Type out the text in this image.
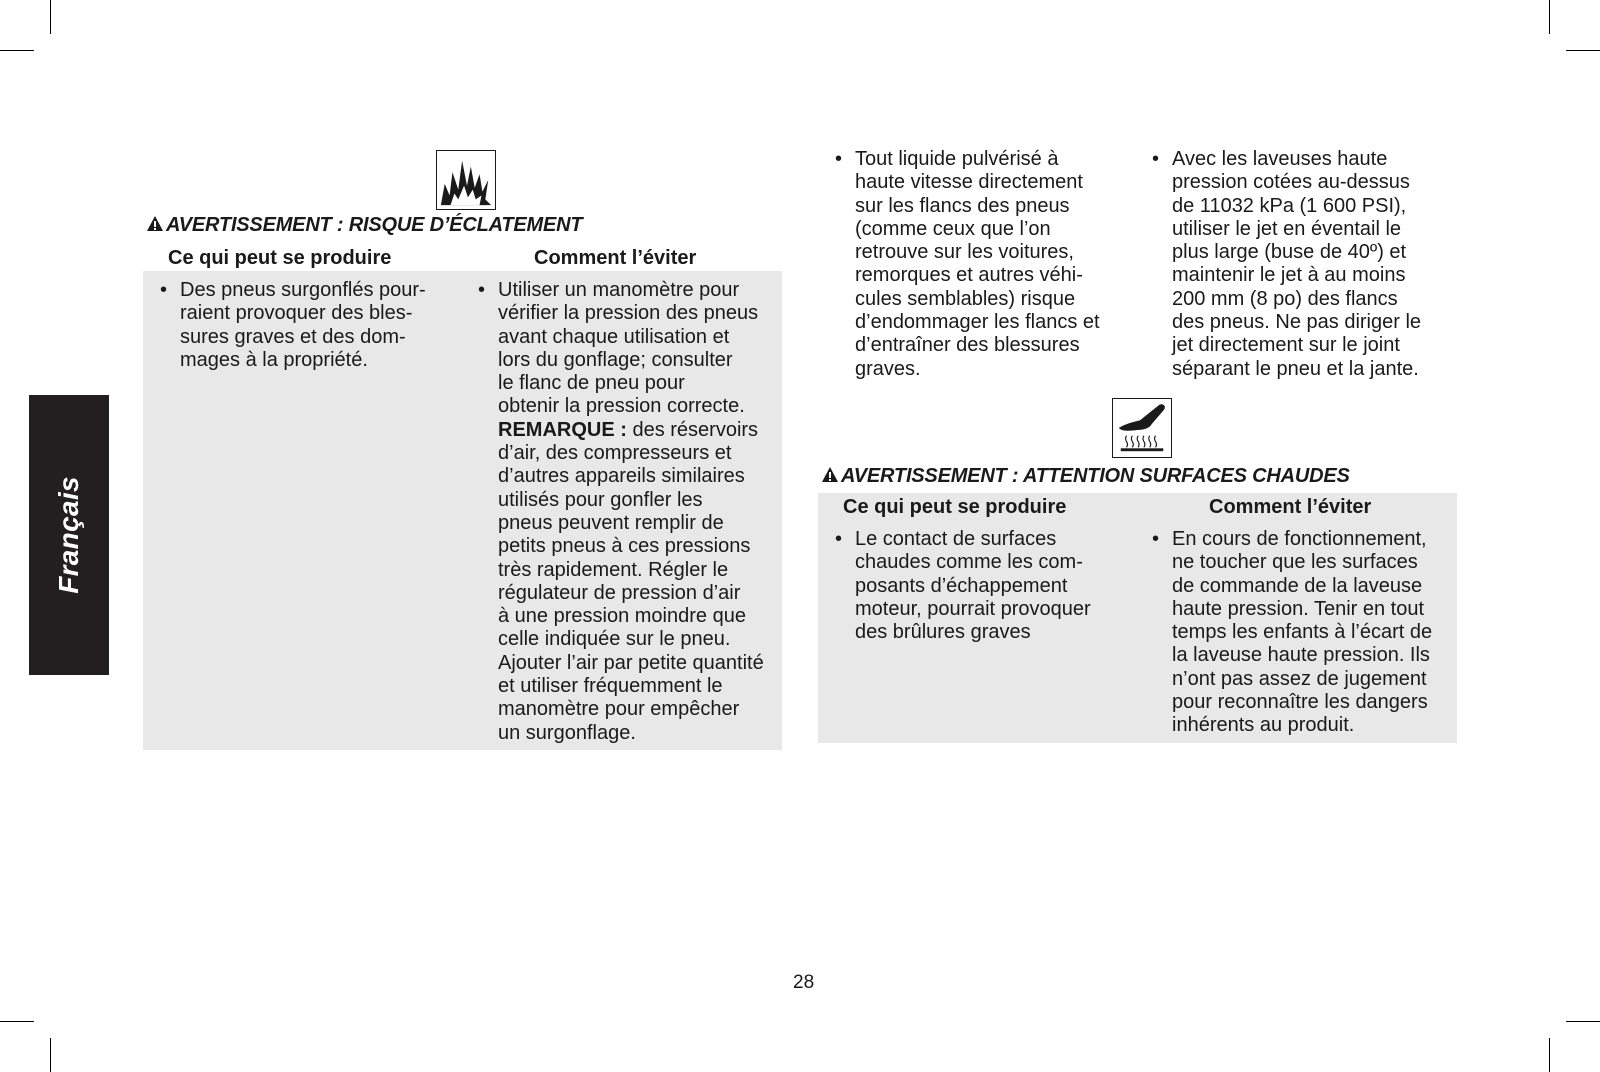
Français
AVERTISSEMENT : RISQUE D’ÉCLATEMENT
Ce qui peut se produire	Comment l’éviter
• Des pneus surgonflés pour-
raient provoquer des bles-
sures graves et des dom-
mages à la propriété.
• Utiliser un manomètre pour
vérifier la pression des pneus
avant chaque utilisation et
lors du gonflage; consulter
le flanc de pneu pour
obtenir la pression correcte.
REMARQUE : des réservoirs
d’air, des compresseurs et
d’autres appareils similaires
utilisés pour gonfler les
pneus peuvent remplir de
petits pneus à ces pressions
très rapidement. Régler le
régulateur de pression d’air
à une pression moindre que
celle indiquée sur le pneu.
Ajouter l’air par petite quantité
et utiliser fréquemment le
manomètre pour empêcher
un surgonflage.
• Tout liquide pulvérisé à
haute vitesse directement
sur les flancs des pneus
(comme ceux que l’on
retrouve sur les voitures,
remorques et autres véhi-
cules semblables) risque
d’endommager les flancs et
d’entraîner des blessures
graves.
• Avec les laveuses haute
pression cotées au-dessus
de 11032 kPa (1 600 PSI),
utiliser le jet en éventail le
plus large (buse de 40º) et
maintenir le jet à au moins
200 mm (8 po) des flancs
des pneus. Ne pas diriger le
jet directement sur le joint
séparant le pneu et la jante.
AVERTISSEMENT : ATTENTION SURFACES CHAUDES
Ce qui peut se produire	Comment l’éviter
• Le contact de surfaces
chaudes comme les com-
posants d’échappement
moteur, pourrait provoquer
des brûlures graves
• En cours de fonctionnement,
ne toucher que les surfaces
de commande de la laveuse
haute pression. Tenir en tout
temps les enfants à l’écart de
la laveuse haute pression. Ils
n’ont pas assez de jugement
pour reconnaître les dangers
inhérents au produit.
28
